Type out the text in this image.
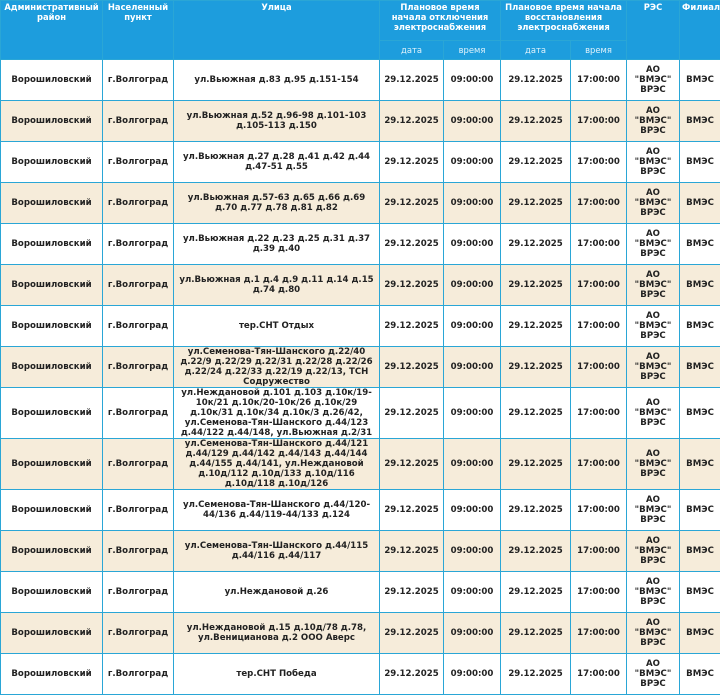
Административный район	Населенный пункт	Улица	Плановое время начала отключения электроснабжения		Плановое время начала восстановления электроснабжения		РЭС	Филиал
			дата	время	дата	время		
Ворошиловский	г.Волгоград	ул.Вьюжная д.83 д.95 д.151-154	29.12.2025	09:00:00	29.12.2025	17:00:00	АО "ВМЭС" ВРЭС	ВМЭС
Ворошиловский	г.Волгоград	ул.Вьюжная д.52 д.96-98 д.101-103 д.105-113 д.150	29.12.2025	09:00:00	29.12.2025	17:00:00	АО "ВМЭС" ВРЭС	ВМЭС
Ворошиловский	г.Волгоград	ул.Вьюжная д.27 д.28 д.41 д.42 д.44 д.47-51 д.55	29.12.2025	09:00:00	29.12.2025	17:00:00	АО "ВМЭС" ВРЭС	ВМЭС
Ворошиловский	г.Волгоград	ул.Вьюжная д.57-63 д.65 д.66 д.69 д.70 д.77 д.78 д.81 д.82	29.12.2025	09:00:00	29.12.2025	17:00:00	АО "ВМЭС" ВРЭС	ВМЭС
Ворошиловский	г.Волгоград	ул.Вьюжная д.22 д.23 д.25 д.31 д.37 д.39 д.40	29.12.2025	09:00:00	29.12.2025	17:00:00	АО "ВМЭС" ВРЭС	ВМЭС
Ворошиловский	г.Волгоград	ул.Вьюжная д.1 д.4 д.9 д.11 д.14 д.15 д.74 д.80	29.12.2025	09:00:00	29.12.2025	17:00:00	АО "ВМЭС" ВРЭС	ВМЭС
Ворошиловский	г.Волгоград	тер.СНТ Отдых	29.12.2025	09:00:00	29.12.2025	17:00:00	АО "ВМЭС" ВРЭС	ВМЭС
Ворошиловский	г.Волгоград	ул.Семенова-Тян-Шанского д.22/40 д.22/9 д.22/29 д.22/31 д.22/28 д.22/26 д.22/24 д.22/33 д.22/19 д.22/13, ТСН Содружество	29.12.2025	09:00:00	29.12.2025	17:00:00	АО "ВМЭС" ВРЭС	ВМЭС
Ворошиловский	г.Волгоград	ул.Неждановой д.101 д.103 д.10к/19-10к/21 д.10к/20-10к/26 д.10к/29 д.10к/31 д.10к/34 д.10к/3 д.26/42, ул.Семенова-Тян-Шанского д.44/123 д.44/122 д.44/148, ул.Вьюжная д.2/31	29.12.2025	09:00:00	29.12.2025	17:00:00	АО "ВМЭС" ВРЭС	ВМЭС
Ворошиловский	г.Волгоград	ул.Семенова-Тян-Шанского д.44/121 д.44/129 д.44/142 д.44/143 д.44/144 д.44/155 д.44/141, ул.Неждановой д.10д/112 д.10д/133 д.10д/116 д.10д/118 д.10д/126	29.12.2025	09:00:00	29.12.2025	17:00:00	АО "ВМЭС" ВРЭС	ВМЭС
Ворошиловский	г.Волгоград	ул.Семенова-Тян-Шанского д.44/120-44/136 д.44/119-44/133 д.124	29.12.2025	09:00:00	29.12.2025	17:00:00	АО "ВМЭС" ВРЭС	ВМЭС
Ворошиловский	г.Волгоград	ул.Семенова-Тян-Шанского д.44/115 д.44/116 д.44/117	29.12.2025	09:00:00	29.12.2025	17:00:00	АО "ВМЭС" ВРЭС	ВМЭС
Ворошиловский	г.Волгоград	ул.Неждановой д.26	29.12.2025	09:00:00	29.12.2025	17:00:00	АО "ВМЭС" ВРЭС	ВМЭС
Ворошиловский	г.Волгоград	ул.Неждановой д.15 д.10д/78 д.78, ул.Веницианова д.2 ООО Аверс	29.12.2025	09:00:00	29.12.2025	17:00:00	АО "ВМЭС" ВРЭС	ВМЭС
Ворошиловский	г.Волгоград	тер.СНТ Победа	29.12.2025	09:00:00	29.12.2025	17:00:00	АО "ВМЭС" ВРЭС	ВМЭС
